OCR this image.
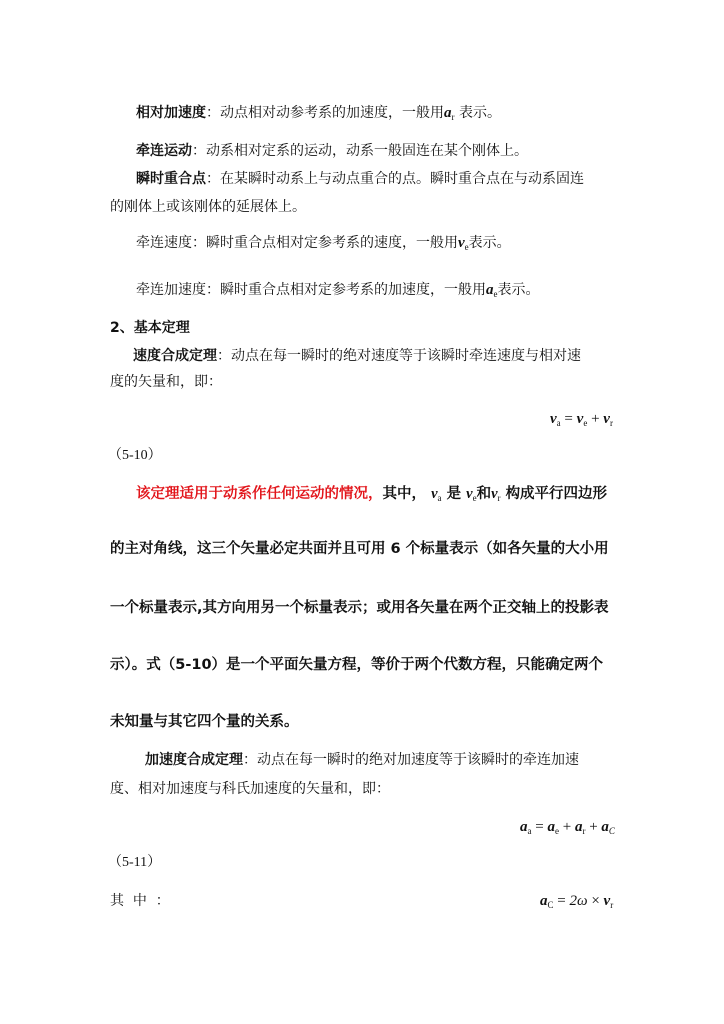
相对加速度：动点相对动参考系的加速度，一般用$a_r$ 表示。
牵连运动：动系相对定系的运动，动系一般固连在某个刚体上。
瞬时重合点：在某瞬时动系上与动点重合的点。瞬时重合点在与动系固连
的刚体上或该刚体的延展体上。
牵连速度：瞬时重合点相对定参考系的速度，一般用$v_e$表示。
牵连加速度：瞬时重合点相对定参考系的加速度，一般用$a_e$表示。
2、基本定理
速度合成定理：动点在每一瞬时的绝对速度等于该瞬时牵连速度与相对速
度的矢量和，即：
$v_a = v_e + v_r$
（5-10）
该定理适用于动系作任何运动的情况，其中， $v_a$ 是 $v_e$和$v_r$ 构成平行四边形
的主对角线，这三个矢量必定共面并且可用 6 个标量表示（如各矢量的大小用
一个标量表示,其方向用另一个标量表示；或用各矢量在两个正交轴上的投影表
示）。式（5-10）是一个平面矢量方程，等价于两个代数方程，只能确定两个
未知量与其它四个量的关系。
加速度合成定理：动点在每一瞬时的绝对加速度等于该瞬时的牵连加速
度、相对加速度与科氏加速度的矢量和，即：
$a_a = a_e + a_r + a_C$
（5-11）
其  中  ：	$a_C = 2\omega \times v_r$
